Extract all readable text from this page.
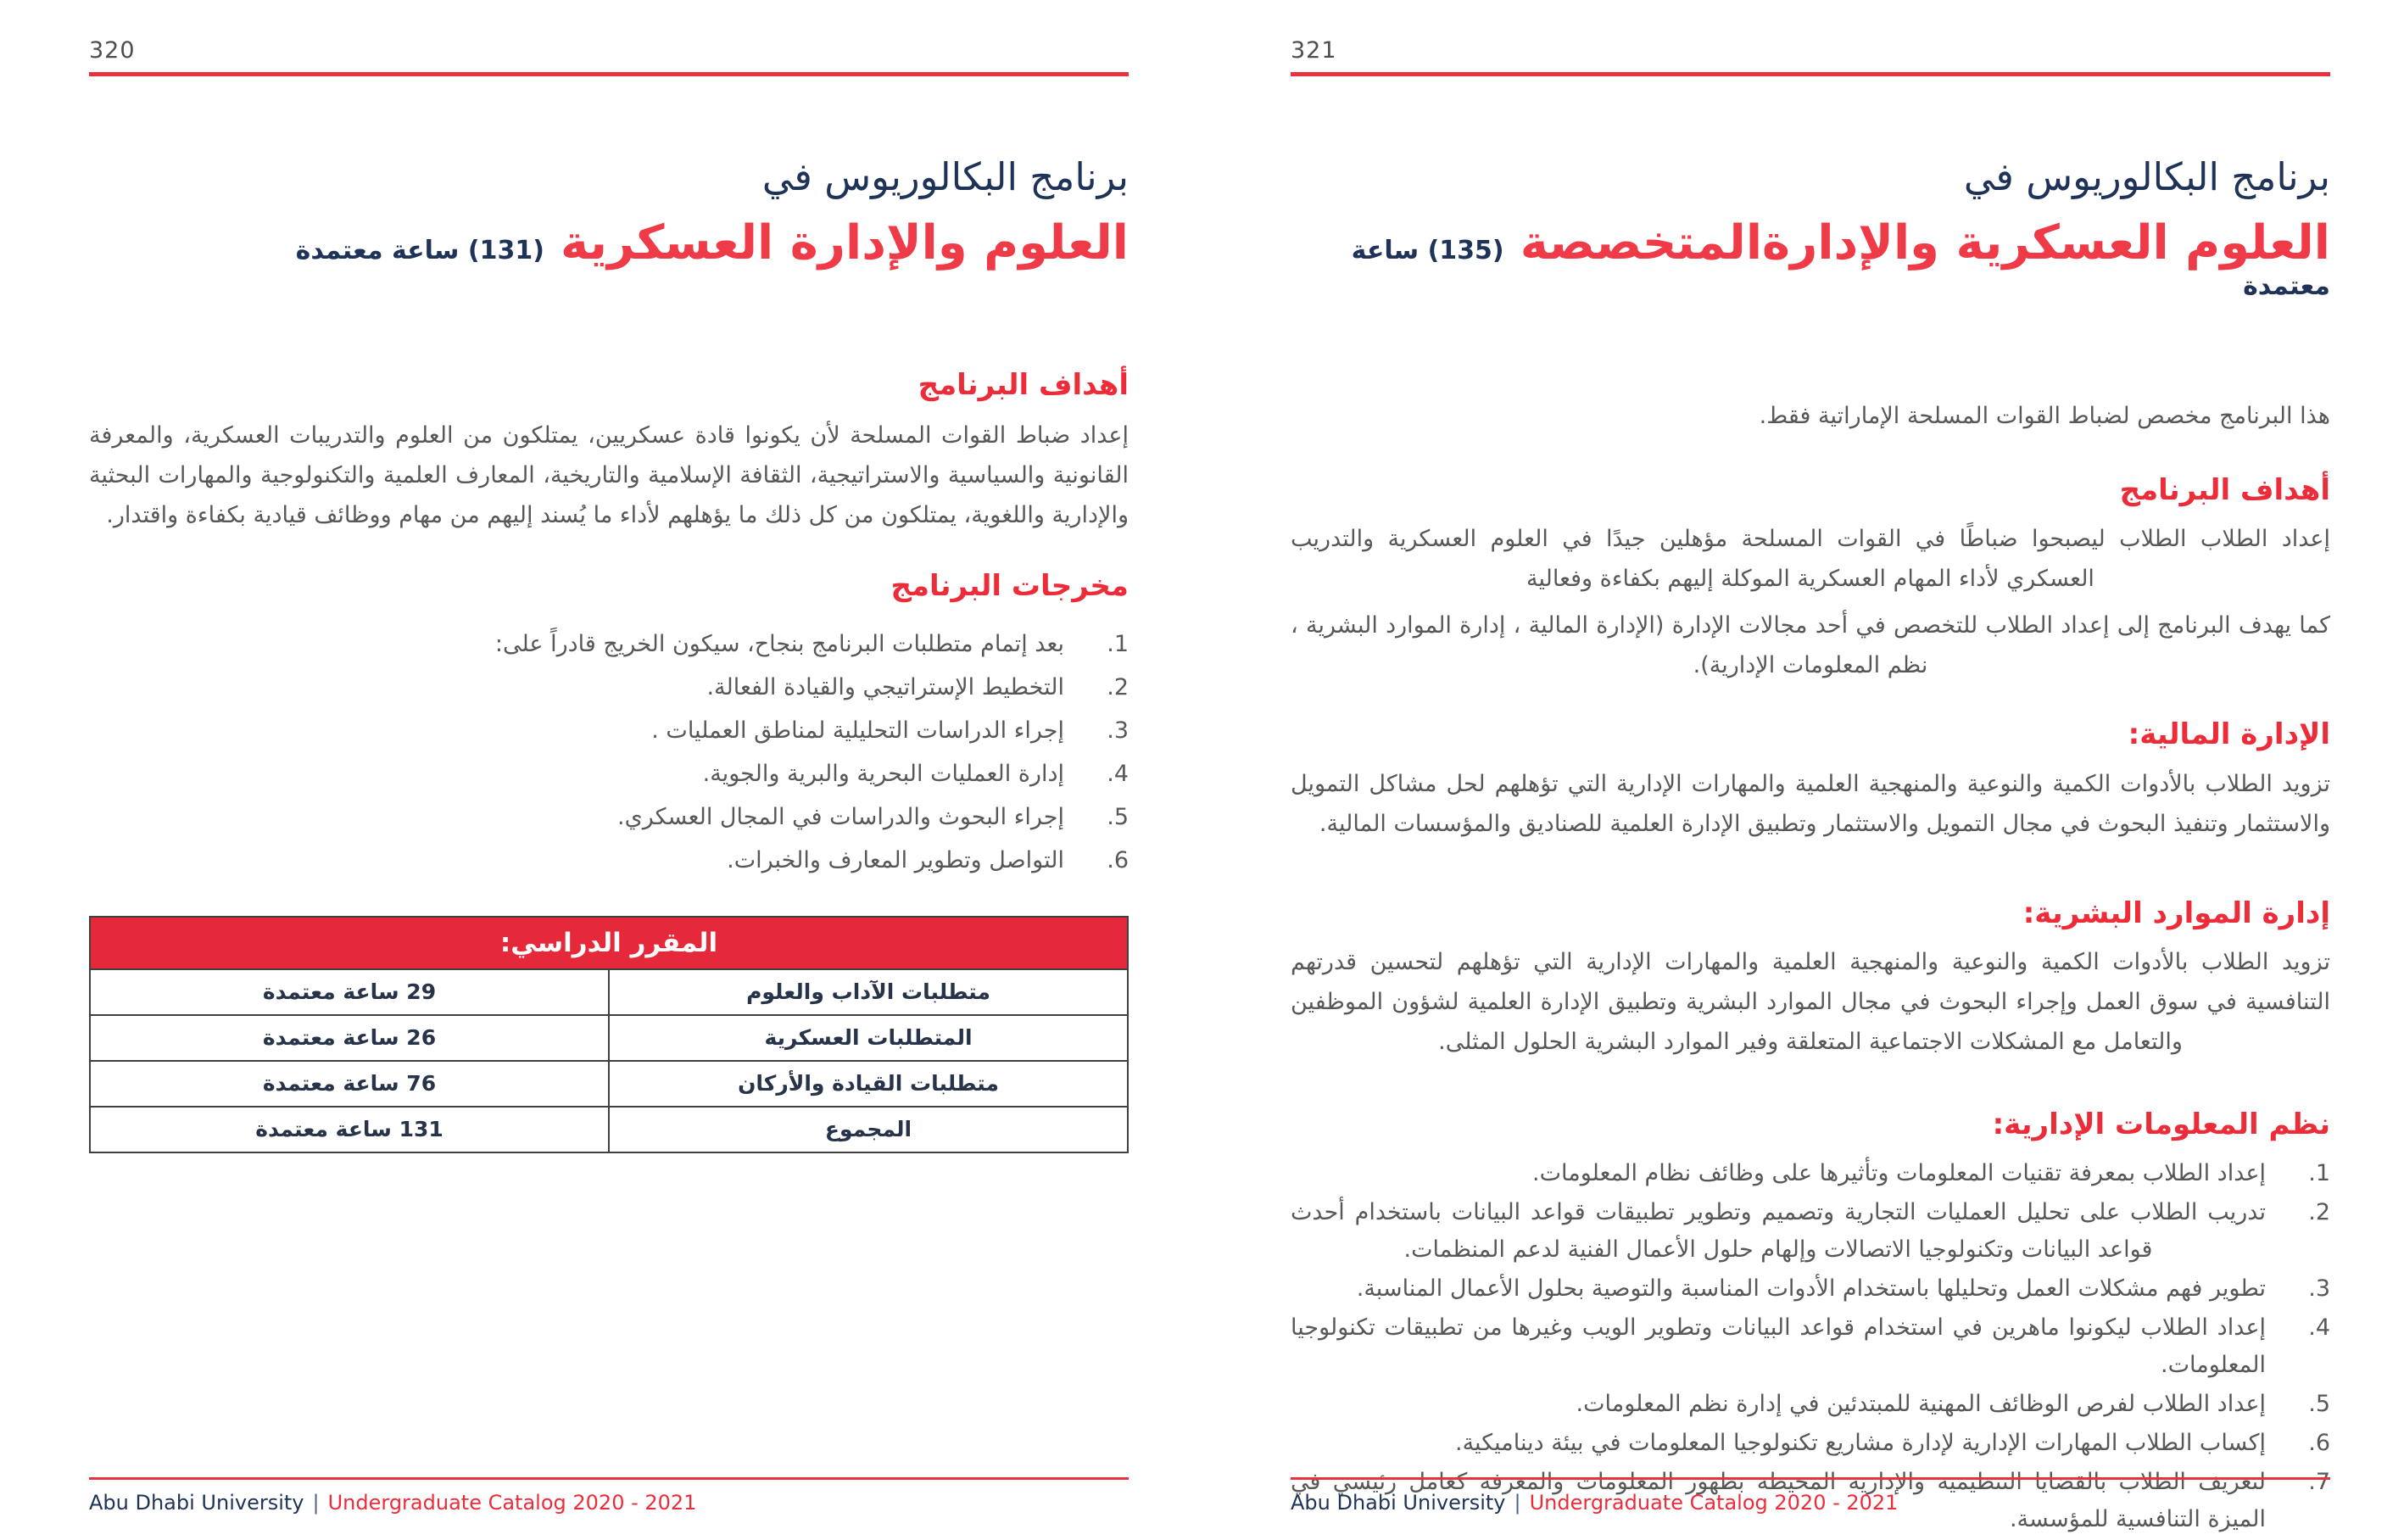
320
برنامج البكالوريوس في
العلوم والإدارة العسكرية (131) ساعة معتمدة
أهداف البرنامج
إعداد ضباط القوات المسلحة لأن يكونوا قادة عسكريين، يمتلكون من العلوم والتدريبات العسكرية، والمعرفة القانونية والسياسية والاستراتيجية، الثقافة الإسلامية والتاريخية، المعارف العلمية والتكنولوجية والمهارات البحثية والإدارية واللغوية، يمتلكون من كل ذلك ما يؤهلهم لأداء ما يُسند إليهم من مهام ووظائف قيادية بكفاءة واقتدار.
مخرجات البرنامج
1.
بعد إتمام متطلبات البرنامج بنجاح، سيكون الخريج قادراً على:
2.
التخطيط الإستراتيجي والقيادة الفعالة.
3.
إجراء الدراسات التحليلية لمناطق العمليات .
4.
إدارة العمليات البحرية والبرية والجوية.
5.
إجراء البحوث والدراسات في المجال العسكري.
6.
التواصل وتطوير المعارف والخبرات.
المقرر الدراسي:
متطلبات الآداب والعلوم
29 ساعة معتمدة
المتطلبات العسكرية
26 ساعة معتمدة
متطلبات القيادة والأركان
76 ساعة معتمدة
المجموع
131 ساعة معتمدة
Abu Dhabi University | Undergraduate Catalog 2020 - 2021
321
برنامج البكالوريوس في
العلوم العسكرية والإدارةالمتخصصة (135) ساعة معتمدة
هذا البرنامج مخصص لضباط القوات المسلحة الإماراتية فقط.
أهداف البرنامج
إعداد الطلاب الطلاب ليصبحوا ضباطًا في القوات المسلحة مؤهلين جيدًا في العلوم العسكرية والتدريب العسكري لأداء المهام العسكرية الموكلة إليهم بكفاءة وفعالية
كما يهدف البرنامج إلى إعداد الطلاب للتخصص في أحد مجالات الإدارة (الإدارة المالية ، إدارة الموارد البشرية ، نظم المعلومات الإدارية).
الإدارة المالية:
تزويد الطلاب بالأدوات الكمية والنوعية والمنهجية العلمية والمهارات الإدارية التي تؤهلهم لحل مشاكل التمويل والاستثمار وتنفيذ البحوث في مجال التمويل والاستثمار وتطبيق الإدارة العلمية للصناديق والمؤسسات المالية.
إدارة الموارد البشرية:
تزويد الطلاب بالأدوات الكمية والنوعية والمنهجية العلمية والمهارات الإدارية التي تؤهلهم لتحسين قدرتهم التنافسية في سوق العمل وإجراء البحوث في مجال الموارد البشرية وتطبيق الإدارة العلمية لشؤون الموظفين والتعامل مع المشكلات الاجتماعية المتعلقة وفير الموارد البشرية الحلول المثلى.
نظم المعلومات الإدارية:
1.
إعداد الطلاب بمعرفة تقنيات المعلومات وتأثيرها على وظائف نظام المعلومات.
2.
تدريب الطلاب على تحليل العمليات التجارية وتصميم وتطوير تطبيقات قواعد البيانات باستخدام أحدث قواعد البيانات وتكنولوجيا الاتصالات وإلهام حلول الأعمال الفنية لدعم المنظمات.
3.
تطوير فهم مشكلات العمل وتحليلها باستخدام الأدوات المناسبة والتوصية بحلول الأعمال المناسبة.
4.
إعداد الطلاب ليكونوا ماهرين في استخدام قواعد البيانات وتطوير الويب وغيرها من تطبيقات تكنولوجيا المعلومات.
5.
إعداد الطلاب لفرص الوظائف المهنية للمبتدئين في إدارة نظم المعلومات.
6.
إكساب الطلاب المهارات الإدارية لإدارة مشاريع تكنولوجيا المعلومات في بيئة ديناميكية.
7.
لتعريف الطلاب بالقضايا التنظيمية والإدارية المحيطة بظهور المعلومات والمعرفة كعامل رئيسي في الميزة التنافسية للمؤسسة.
Abu Dhabi University | Undergraduate Catalog 2020 - 2021
